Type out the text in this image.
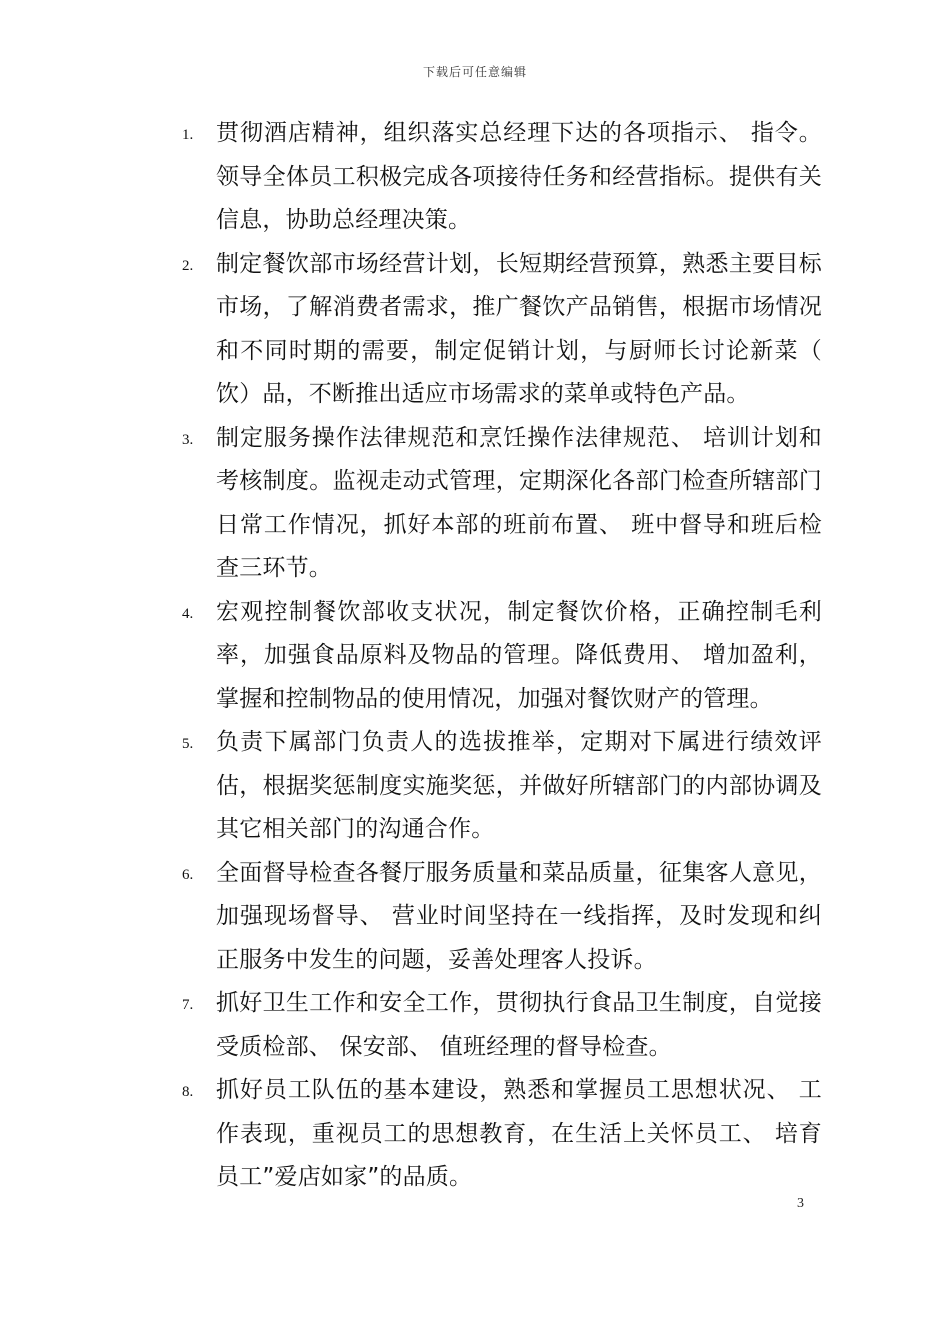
下载后可任意编辑
1. 贯彻酒店精神，组织落实总经理下达的各项指示、 指令。领导全体员工积极完成各项接待任务和经营指标。提供有关信息，协助总经理决策。
2. 制定餐饮部市场经营计划，长短期经营预算，熟悉主要目标市场，了解消费者需求，推广餐饮产品销售，根据市场情况和不同时期的需要，制定促销计划，与厨师长讨论新菜（ 饮）品，不断推出适应市场需求的菜单或特色产品。
3. 制定服务操作法律规范和烹饪操作法律规范、 培训计划和考核制度。监视走动式管理，定期深化各部门检查所辖部门日常工作情况，抓好本部的班前布置、 班中督导和班后检查三环节。
4. 宏观控制餐饮部收支状况，制定餐饮价格，正确控制毛利率，加强食品原料及物品的管理。降低费用、 增加盈利，掌握和控制物品的使用情况，加强对餐饮财产的管理。
5. 负责下属部门负责人的选拔推举，定期对下属进行绩效评估，根据奖惩制度实施奖惩，并做好所辖部门的内部协调及其它相关部门的沟通合作。
6. 全面督导检查各餐厅服务质量和菜品质量，征集客人意见，加强现场督导、 营业时间坚持在一线指挥，及时发现和纠正服务中发生的问题，妥善处理客人投诉。
7. 抓好卫生工作和安全工作，贯彻执行食品卫生制度，自觉接受质检部、 保安部、 值班经理的督导检查。
8. 抓好员工队伍的基本建设，熟悉和掌握员工思想状况、 工作表现，重视员工的思想教育，在生活上关怀员工、 培育员工”爱店如家”的品质。
3
